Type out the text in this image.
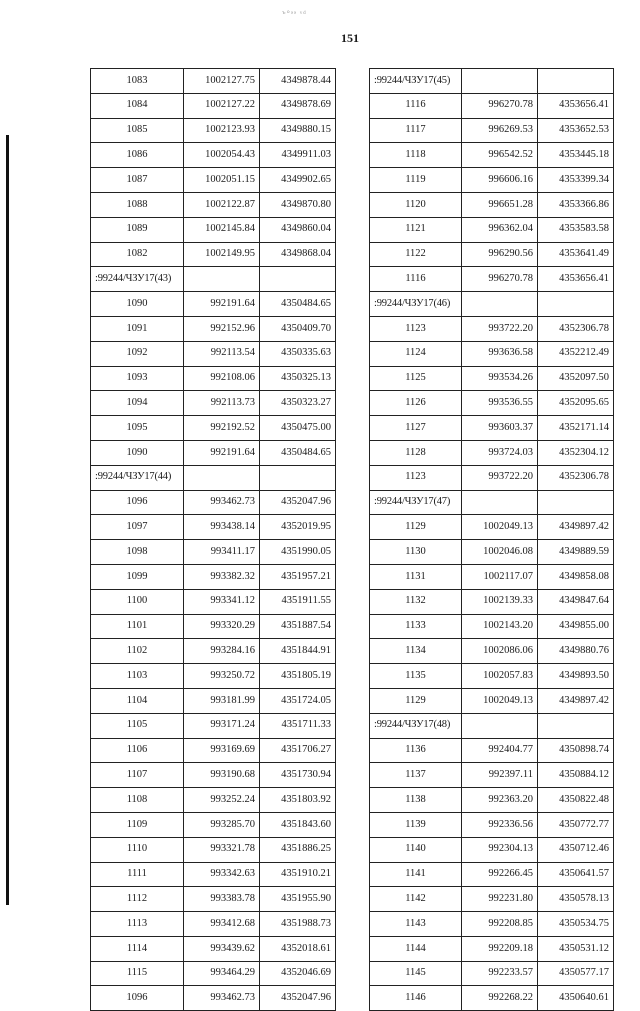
ꚜ°ᵊᵊ ᵛᵈ
151
1083	1002127.75	4349878.44
1084	1002127.22	4349878.69
1085	1002123.93	4349880.15
1086	1002054.43	4349911.03
1087	1002051.15	4349902.65
1088	1002122.87	4349870.80
1089	1002145.84	4349860.04
1082	1002149.95	4349868.04
:99244/ЧЗУ17(43)		
1090	992191.64	4350484.65
1091	992152.96	4350409.70
1092	992113.54	4350335.63
1093	992108.06	4350325.13
1094	992113.73	4350323.27
1095	992192.52	4350475.00
1090	992191.64	4350484.65
:99244/ЧЗУ17(44)		
1096	993462.73	4352047.96
1097	993438.14	4352019.95
1098	993411.17	4351990.05
1099	993382.32	4351957.21
1100	993341.12	4351911.55
1101	993320.29	4351887.54
1102	993284.16	4351844.91
1103	993250.72	4351805.19
1104	993181.99	4351724.05
1105	993171.24	4351711.33
1106	993169.69	4351706.27
1107	993190.68	4351730.94
1108	993252.24	4351803.92
1109	993285.70	4351843.60
1110	993321.78	4351886.25
1111	993342.63	4351910.21
1112	993383.78	4351955.90
1113	993412.68	4351988.73
1114	993439.62	4352018.61
1115	993464.29	4352046.69
1096	993462.73	4352047.96
:99244/ЧЗУ17(45)		
1116	996270.78	4353656.41
1117	996269.53	4353652.53
1118	996542.52	4353445.18
1119	996606.16	4353399.34
1120	996651.28	4353366.86
1121	996362.04	4353583.58
1122	996290.56	4353641.49
1116	996270.78	4353656.41
:99244/ЧЗУ17(46)		
1123	993722.20	4352306.78
1124	993636.58	4352212.49
1125	993534.26	4352097.50
1126	993536.55	4352095.65
1127	993603.37	4352171.14
1128	993724.03	4352304.12
1123	993722.20	4352306.78
:99244/ЧЗУ17(47)		
1129	1002049.13	4349897.42
1130	1002046.08	4349889.59
1131	1002117.07	4349858.08
1132	1002139.33	4349847.64
1133	1002143.20	4349855.00
1134	1002086.06	4349880.76
1135	1002057.83	4349893.50
1129	1002049.13	4349897.42
:99244/ЧЗУ17(48)		
1136	992404.77	4350898.74
1137	992397.11	4350884.12
1138	992363.20	4350822.48
1139	992336.56	4350772.77
1140	992304.13	4350712.46
1141	992266.45	4350641.57
1142	992231.80	4350578.13
1143	992208.85	4350534.75
1144	992209.18	4350531.12
1145	992233.57	4350577.17
1146	992268.22	4350640.61
